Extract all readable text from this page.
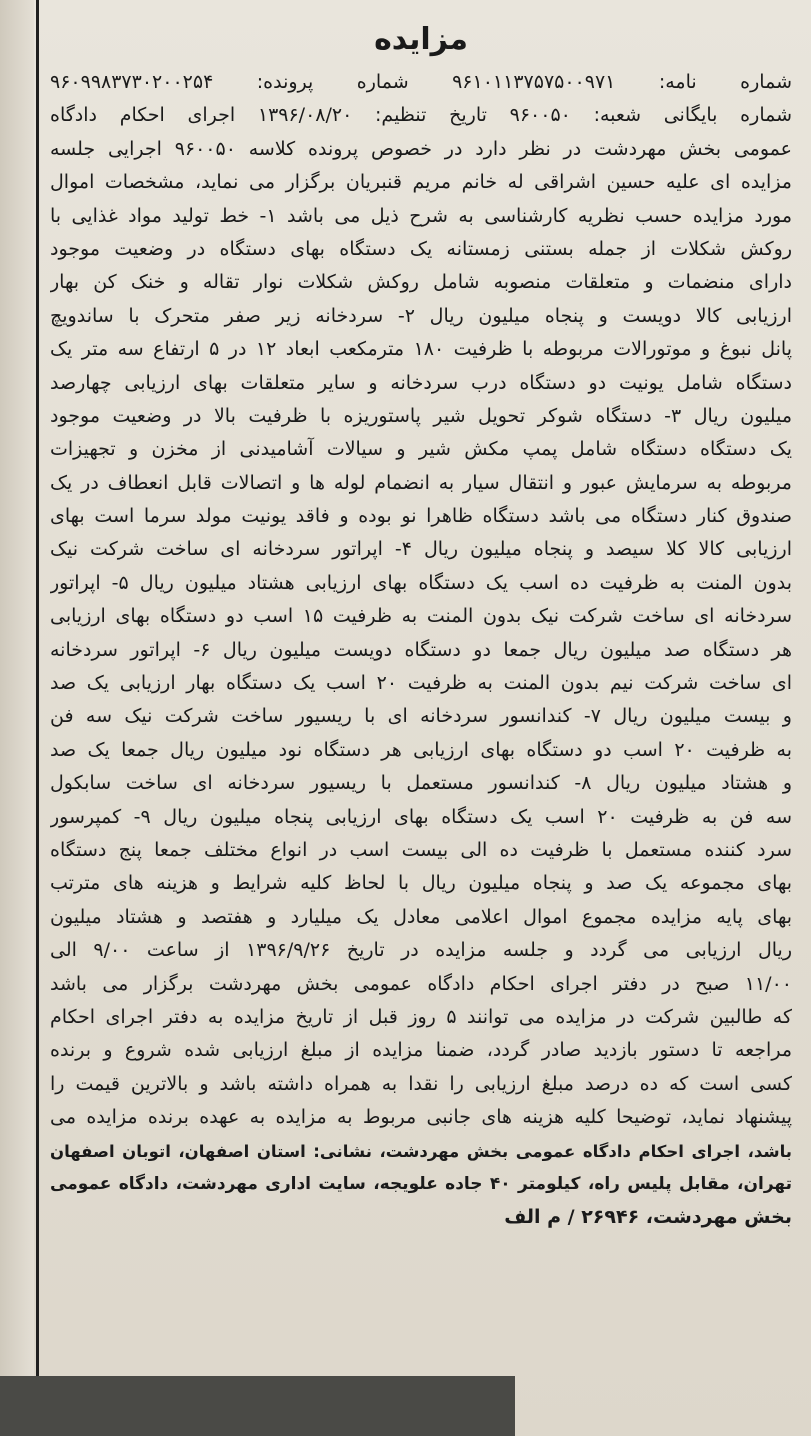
مزایده
شماره نامه: ۹۶۱۰۱۱۳۷۵۷۵۰۰۹۷۱ شماره پرونده: ۹۶۰۹۹۸۳۷۳۰۲۰۰۲۵۴
شماره بایگانی شعبه: ۹۶۰۰۵۰ تاریخ تنظیم: ۱۳۹۶/۰۸/۲۰ اجرای احکام دادگاه
عمومی بخش مهردشت در نظر دارد در خصوص پرونده کلاسه ۹۶۰۰۵۰ اجرایی جلسه
مزایده ای علیه حسین اشراقی له خانم مریم قنبریان برگزار می نماید، مشخصات اموال
مورد مزایده حسب نظریه کارشناسی به شرح ذیل می باشد ۱- خط تولید مواد غذایی با
روکش شکلات از جمله بستنی زمستانه یک دستگاه بهای دستگاه در وضعیت موجود
دارای منضمات و متعلقات منصوبه شامل روکش شکلات نوار تقاله و خنک کن بهار
ارزیابی کالا دویست و پنجاه میلیون ریال ۲- سردخانه زیر صفر متحرک با ساندویچ
پانل نبوغ و موتورالات مربوطه با ظرفیت ۱۸۰ مترمکعب ابعاد ۱۲ در ۵ ارتفاع سه متر یک
دستگاه شامل یونیت دو دستگاه درب سردخانه و سایر متعلقات بهای ارزیابی چهارصد
میلیون ریال ۳- دستگاه شوکر تحویل شیر پاستوریزه با ظرفیت بالا در وضعیت موجود
یک دستگاه دستگاه شامل پمپ مکش شیر و سیالات آشامیدنی از مخزن و تجهیزات
مربوطه به سرمایش عبور و انتقال سیار به انضمام لوله ها و اتصالات قابل انعطاف در یک
صندوق کنار دستگاه می باشد دستگاه ظاهرا نو بوده و فاقد یونیت مولد سرما است بهای
ارزیابی کالا کلا سیصد و پنجاه میلیون ریال ۴- اپراتور سردخانه ای ساخت شرکت نیک
بدون المنت به ظرفیت ده اسب یک دستگاه بهای ارزیابی هشتاد میلیون ریال ۵- اپراتور
سردخانه ای ساخت شرکت نیک بدون المنت به ظرفیت ۱۵ اسب دو دستگاه بهای ارزیابی
هر دستگاه صد میلیون ریال جمعا دو دستگاه دویست میلیون ریال ۶- اپراتور سردخانه
ای ساخت شرکت نیم بدون المنت به ظرفیت ۲۰ اسب یک دستگاه بهار ارزیابی یک صد
و بیست میلیون ریال ۷- کندانسور سردخانه ای با ریسیور ساخت شرکت نیک سه فن
به ظرفیت ۲۰ اسب دو دستگاه بهای ارزیابی هر دستگاه نود میلیون ریال جمعا یک صد
و هشتاد میلیون ریال ۸- کندانسور مستعمل با ریسیور سردخانه ای ساخت سابکول
سه فن به ظرفیت ۲۰ اسب یک دستگاه بهای ارزیابی پنجاه میلیون ریال ۹- کمپرسور
سرد کننده مستعمل با ظرفیت ده الی بیست اسب در انواع مختلف جمعا پنج دستگاه
بهای مجموعه یک صد و پنجاه میلیون ریال با لحاظ کلیه شرایط و هزینه های مترتب
بهای پایه مزایده مجموع اموال اعلامی معادل یک میلیارد و هفتصد و هشتاد میلیون
ریال ارزیابی می گردد و جلسه مزایده در تاریخ ۱۳۹۶/۹/۲۶ از ساعت ۹/۰۰ الی
۱۱/۰۰ صبح در دفتر اجرای احکام دادگاه عمومی بخش مهردشت برگزار می باشد
که طالبین شرکت در مزایده می توانند ۵ روز قبل از تاریخ مزایده به دفتر اجرای احکام
مراجعه تا دستور بازدید صادر گردد، ضمنا مزایده از مبلغ ارزیابی شده شروع و برنده
کسی است که ده درصد مبلغ ارزیابی را نقدا به همراه داشته باشد و بالاترین قیمت را
پیشنهاد نماید، توضیحا کلیه هزینه های جانبی مربوط به مزایده به عهده برنده مزایده می
باشد، اجرای احکام دادگاه عمومی بخش مهردشت، نشانی: استان اصفهان، اتوبان اصفهان
تهران، مقابل پلیس راه، کیلومتر ۴۰ جاده علویجه، سایت اداری مهردشت، دادگاه عمومی
بخش مهردشت، ۲۶۹۴۶ / م الف
